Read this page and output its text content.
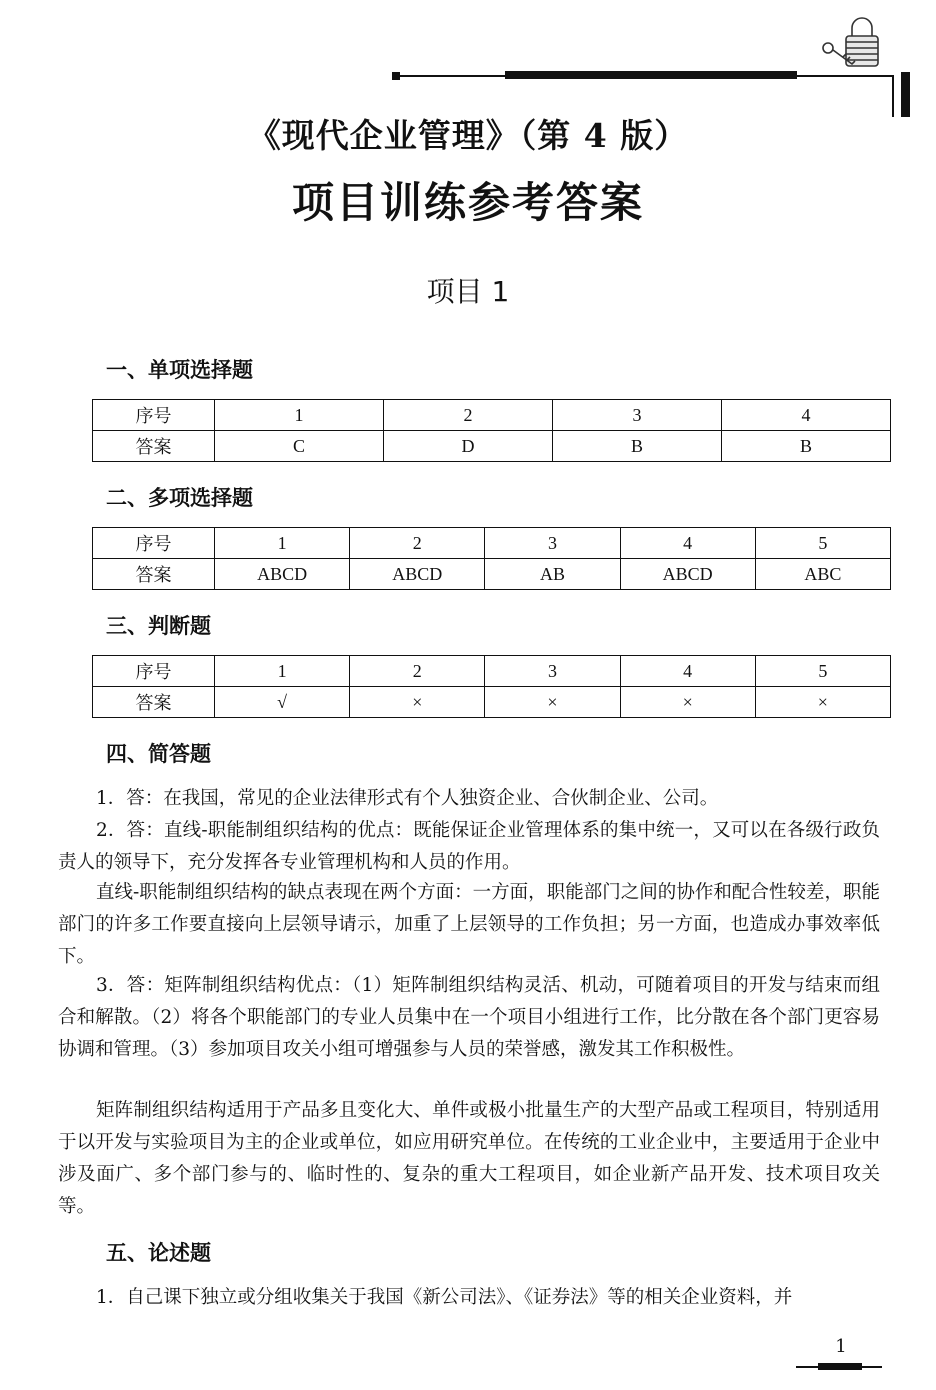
《现代企业管理》（第 4 版）
项目训练参考答案
项目 1
一、单项选择题
序号	1	2	3	4
答案	C	D	B	B
二、多项选择题
序号	1	2	3	4	5
答案	ABCD	ABCD	AB	ABCD	ABC
三、判断题
序号	1	2	3	4	5
答案	√	×	×	×	×
四、简答题

1．答：在我国，常见的企业法律形式有个人独资企业、合伙制企业、公司。

2．答：直线-职能制组织结构的优点：既能保证企业管理体系的集中统一，又可以在各级行政负责人的领导下，充分发挥各专业管理机构和人员的作用。

直线-职能制组织结构的缺点表现在两个方面：一方面，职能部门之间的协作和配合性较差，职能部门的许多工作要直接向上层领导请示，加重了上层领导的工作负担；另一方面，也造成办事效率低下。

3．答：矩阵制组织结构优点：（1）矩阵制组织结构灵活、机动，可随着项目的开发与结束而组合和解散。（2）将各个职能部门的专业人员集中在一个项目小组进行工作，比分散在各个部门更容易协调和管理。（3）参加项目攻关小组可增强参与人员的荣誉感，激发其工作积极性。

矩阵制组织结构适用于产品多且变化大、单件或极小批量生产的大型产品或工程项目，特别适用于以开发与实验项目为主的企业或单位，如应用研究单位。在传统的工业企业中，主要适用于企业中涉及面广、多个部门参与的、临时性的、复杂的重大工程项目，如企业新产品开发、技术项目攻关等。

五、论述题

1．自己课下独立或分组收集关于我国《新公司法》、《证券法》等的相关企业资料，并

1
